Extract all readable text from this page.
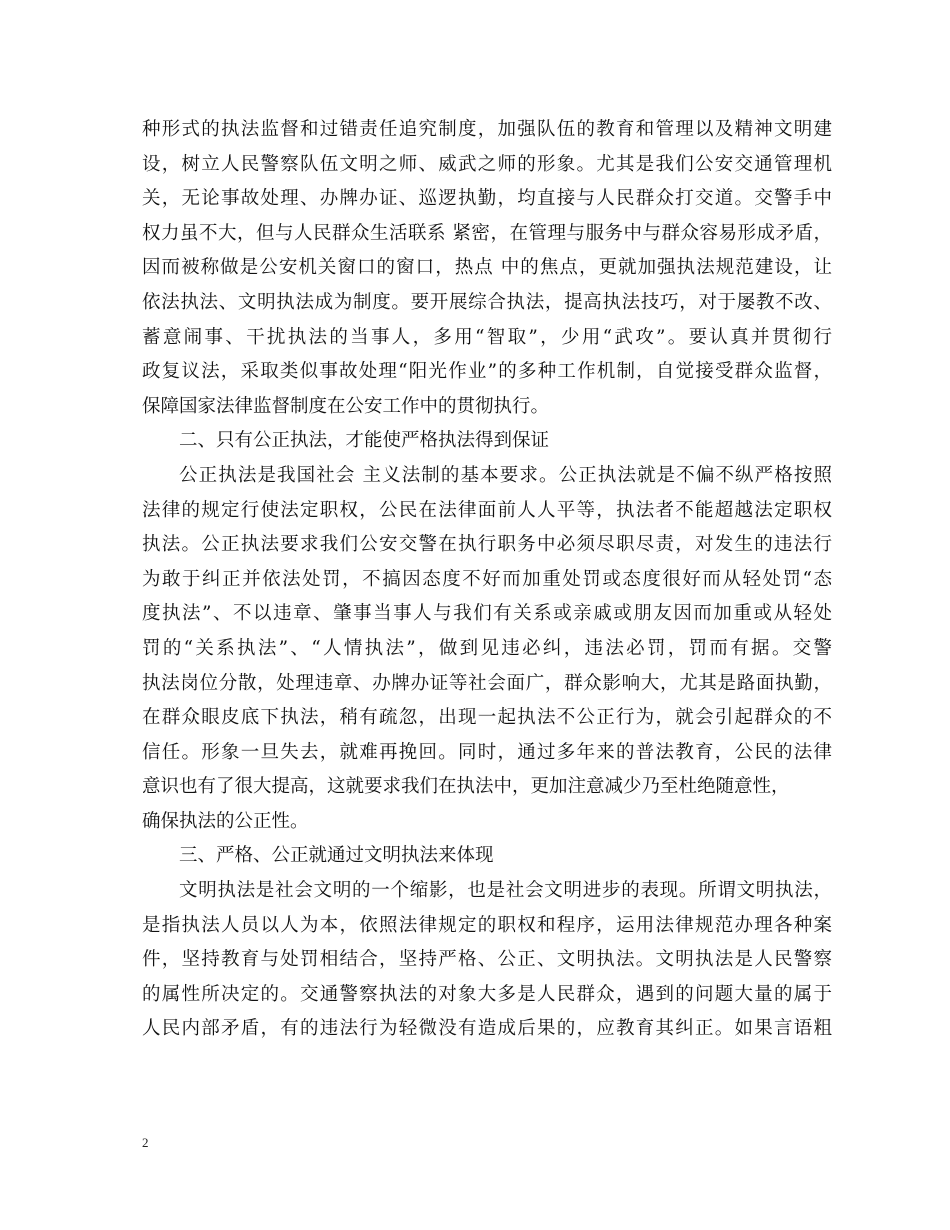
种形式的执法监督和过错责任追究制度，加强队伍的教育和管理以及精神文明建
设，树立人民警察队伍文明之师、威武之师的形象。尤其是我们公安交通管理机
关，无论事故处理、办牌办证、巡逻执勤，均直接与人民群众打交道。交警手中
权力虽不大，但与人民群众生活联系 紧密，在管理与服务中与群众容易形成矛盾，
因而被称做是公安机关窗口的窗口，热点 中的焦点，更就加强执法规范建设，让
依法执法、文明执法成为制度。要开展综合执法，提高执法技巧，对于屡教不改、
蓄意闹事、干扰执法的当事人，多用“智取”，少用“武攻”。要认真并贯彻行
政复议法，采取类似事故处理“阳光作业”的多种工作机制，自觉接受群众监督，
保障国家法律监督制度在公安工作中的贯彻执行。
二、只有公正执法，才能使严格执法得到保证
公正执法是我国社会 主义法制的基本要求。公正执法就是不偏不纵严格按照
法律的规定行使法定职权，公民在法律面前人人平等，执法者不能超越法定职权
执法。公正执法要求我们公安交警在执行职务中必须尽职尽责，对发生的违法行
为敢于纠正并依法处罚，不搞因态度不好而加重处罚或态度很好而从轻处罚“态
度执法”、不以违章、肇事当事人与我们有关系或亲戚或朋友因而加重或从轻处
罚的“关系执法”、“人情执法”，做到见违必纠，违法必罚，罚而有据。交警
执法岗位分散，处理违章、办牌办证等社会面广，群众影响大，尤其是路面执勤，
在群众眼皮底下执法，稍有疏忽，出现一起执法不公正行为，就会引起群众的不
信任。形象一旦失去，就难再挽回。同时，通过多年来的普法教育，公民的法律
意识也有了很大提高，这就要求我们在执法中，更加注意减少乃至杜绝随意性，
确保执法的公正性。
三、严格、公正就通过文明执法来体现
文明执法是社会文明的一个缩影，也是社会文明进步的表现。所谓文明执法，
是指执法人员以人为本，依照法律规定的职权和程序，运用法律规范办理各种案
件，坚持教育与处罚相结合，坚持严格、公正、文明执法。文明执法是人民警察
的属性所决定的。交通警察执法的对象大多是人民群众，遇到的问题大量的属于
人民内部矛盾，有的违法行为轻微没有造成后果的，应教育其纠正。如果言语粗
2
